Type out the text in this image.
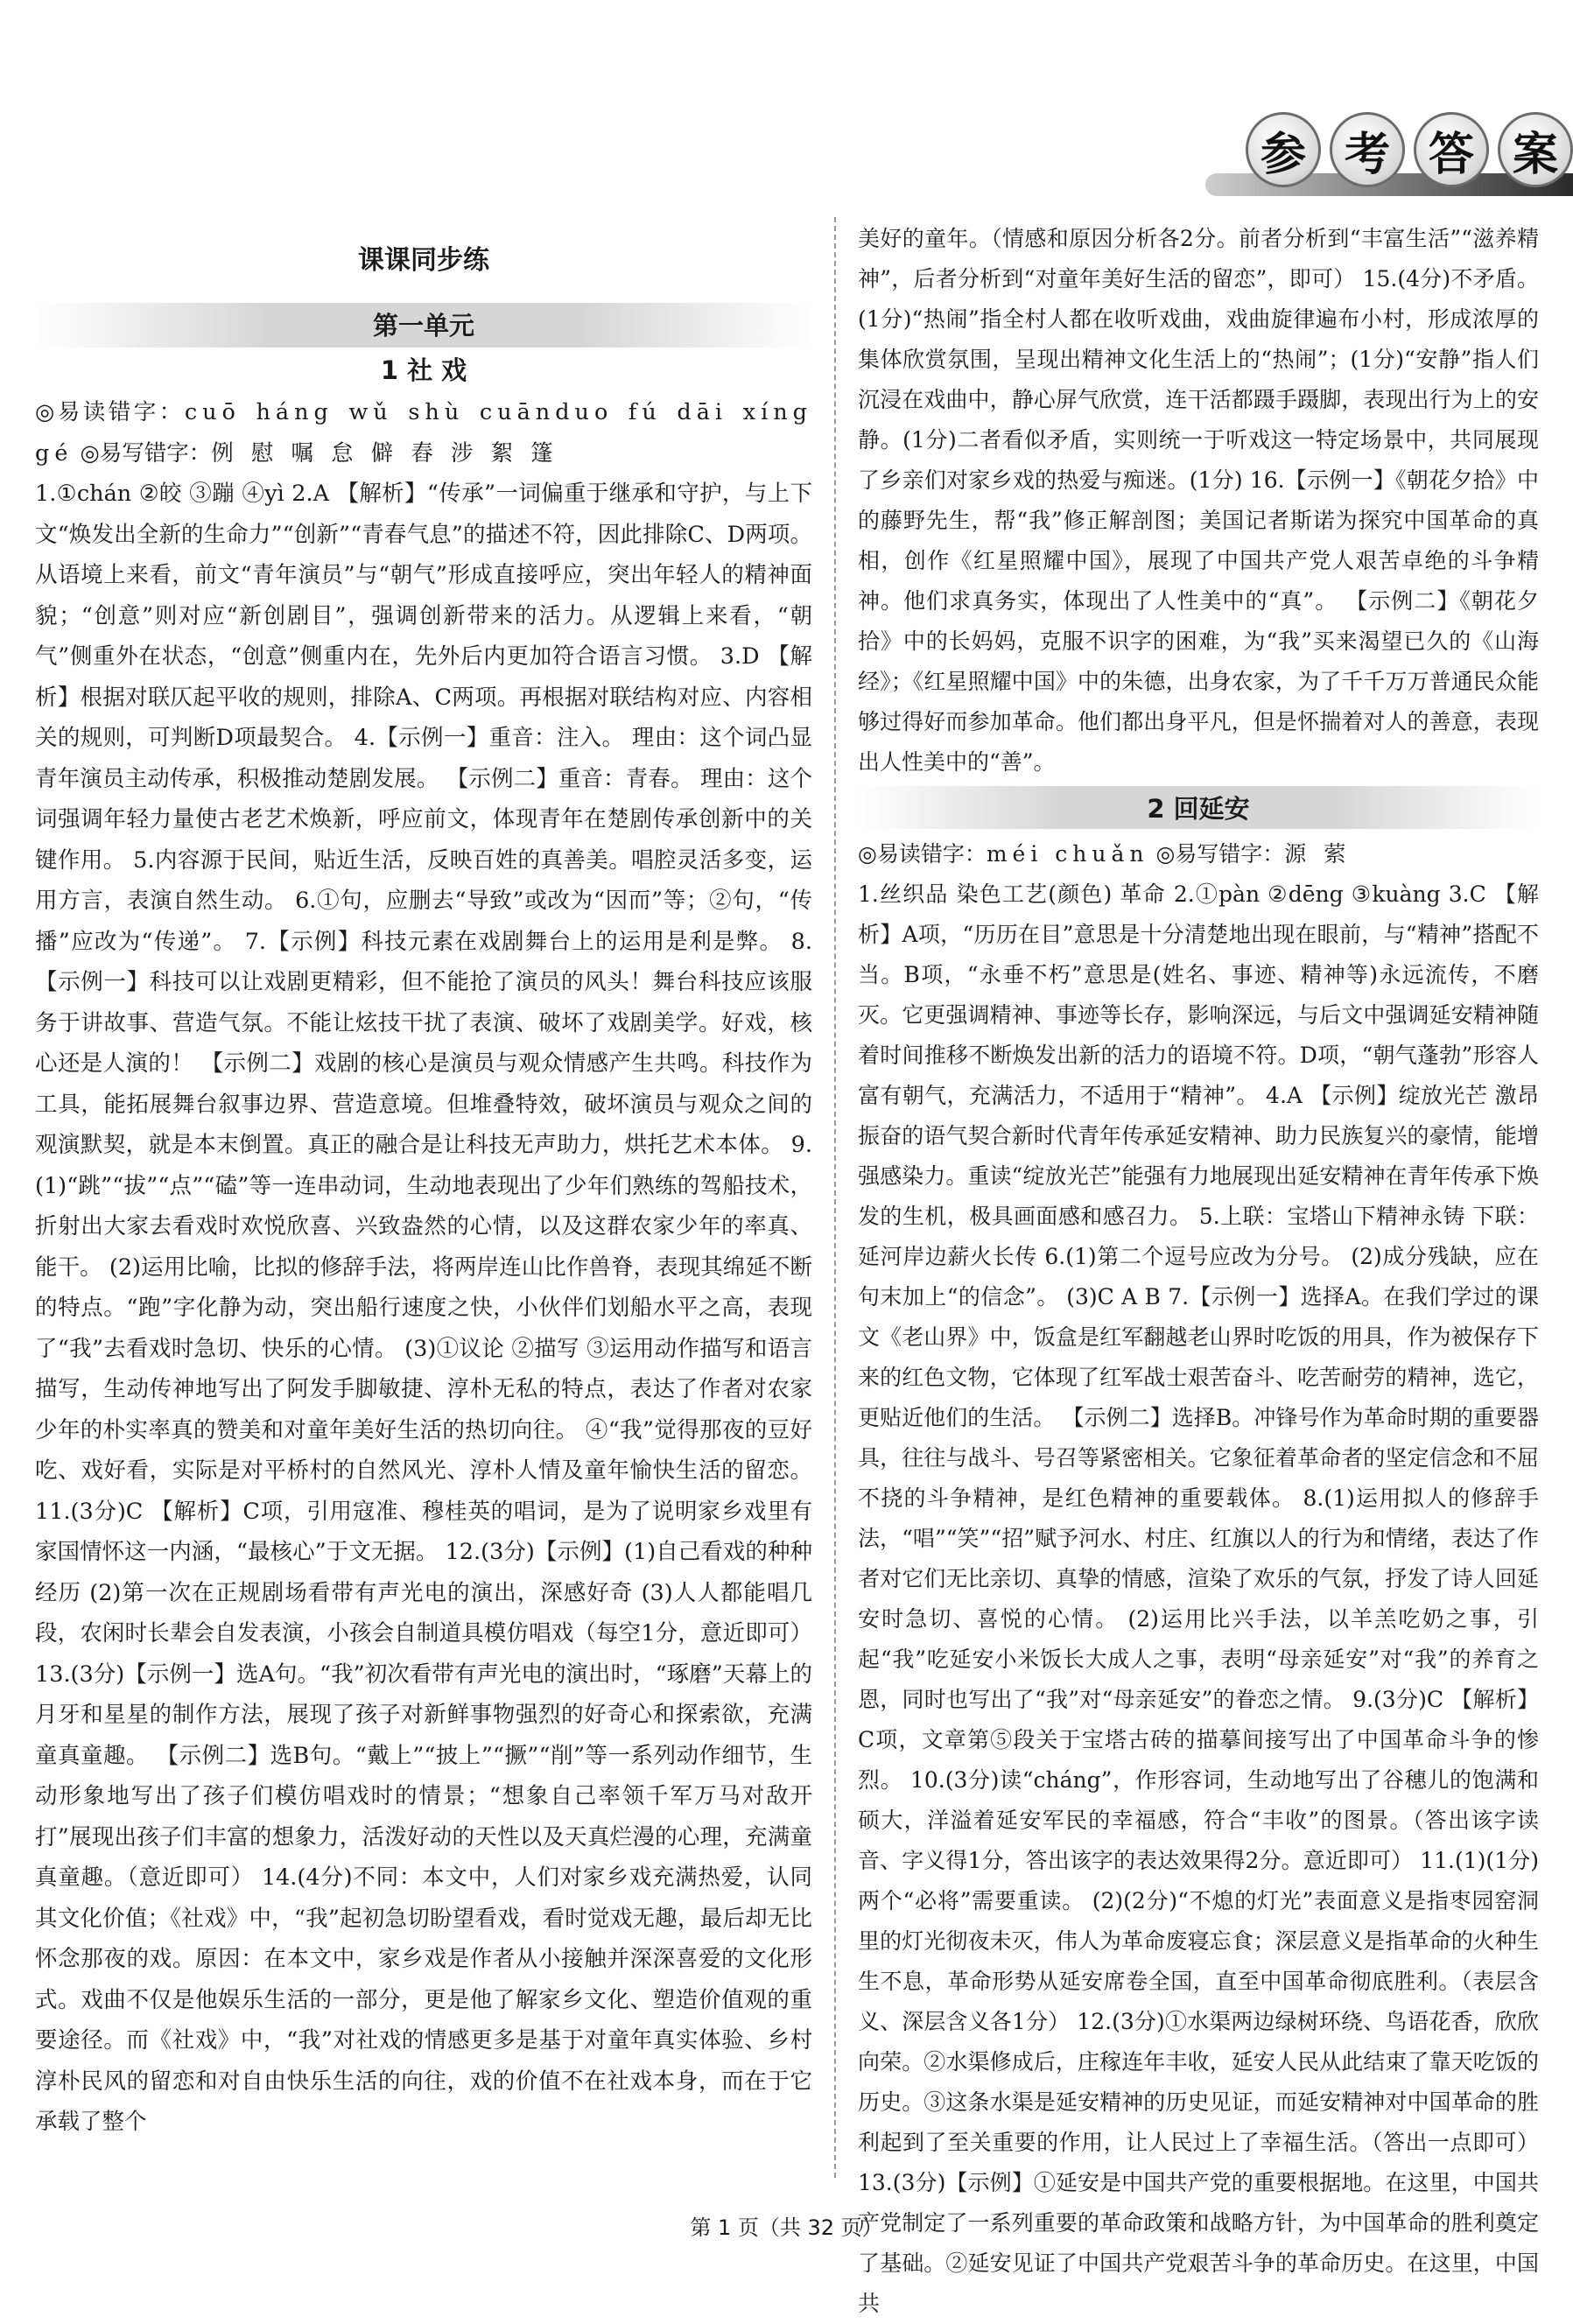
参 考 答 案
课课同步练
第一单元
1 社 戏

◎易读错字：cuō háng wǔ shù cuānduo fú dāi xíng gé ◎易写错字：例 慰 嘱 怠 僻 舂 涉 絮 篷

1.①chán ②皎 ③蹦 ④yì 2.A 【解析】“传承”一词偏重于继承和守护，与上下文“焕发出全新的生命力”“创新”“青春气息”的描述不符，因此排除C、D两项。从语境上来看，前文“青年演员”与“朝气”形成直接呼应，突出年轻人的精神面貌；“创意”则对应“新创剧目”，强调创新带来的活力。从逻辑上来看，“朝气”侧重外在状态，“创意”侧重内在，先外后内更加符合语言习惯。 3.D 【解析】根据对联仄起平收的规则，排除A、C两项。再根据对联结构对应、内容相关的规则，可判断D项最契合。 4.【示例一】重音：注入。 理由：这个词凸显青年演员主动传承，积极推动楚剧发展。 【示例二】重音：青春。 理由：这个词强调年轻力量使古老艺术焕新，呼应前文，体现青年在楚剧传承创新中的关键作用。 5.内容源于民间，贴近生活，反映百姓的真善美。唱腔灵活多变，运用方言，表演自然生动。 6.①句，应删去“导致”或改为“因而”等；②句，“传播”应改为“传递”。 7.【示例】科技元素在戏剧舞台上的运用是利是弊。 8.【示例一】科技可以让戏剧更精彩，但不能抢了演员的风头！舞台科技应该服务于讲故事、营造气氛。不能让炫技干扰了表演、破坏了戏剧美学。好戏，核心还是人演的！ 【示例二】戏剧的核心是演员与观众情感产生共鸣。科技作为工具，能拓展舞台叙事边界、营造意境。但堆叠特效，破坏演员与观众之间的观演默契，就是本末倒置。真正的融合是让科技无声助力，烘托艺术本体。 9.(1)“跳”“拔”“点”“磕”等一连串动词，生动地表现出了少年们熟练的驾船技术，折射出大家去看戏时欢悦欣喜、兴致盎然的心情，以及这群农家少年的率真、能干。 (2)运用比喻，比拟的修辞手法，将两岸连山比作兽脊，表现其绵延不断的特点。“跑”字化静为动，突出船行速度之快，小伙伴们划船水平之高，表现了“我”去看戏时急切、快乐的心情。 (3)①议论 ②描写 ③运用动作描写和语言描写，生动传神地写出了阿发手脚敏捷、淳朴无私的特点，表达了作者对农家少年的朴实率真的赞美和对童年美好生活的热切向往。 ④“我”觉得那夜的豆好吃、戏好看，实际是对平桥村的自然风光、淳朴人情及童年愉快生活的留恋。 11.(3分)C 【解析】C项，引用寇准、穆桂英的唱词，是为了说明家乡戏里有家国情怀这一内涵，“最核心”于文无据。 12.(3分)【示例】(1)自己看戏的种种经历 (2)第一次在正规剧场看带有声光电的演出，深感好奇 (3)人人都能唱几段，农闲时长辈会自发表演，小孩会自制道具模仿唱戏（每空1分，意近即可） 13.(3分)【示例一】选A句。“我”初次看带有声光电的演出时，“琢磨”天幕上的月牙和星星的制作方法，展现了孩子对新鲜事物强烈的好奇心和探索欲，充满童真童趣。 【示例二】选B句。“戴上”“披上”“撅”“削”等一系列动作细节，生动形象地写出了孩子们模仿唱戏时的情景；“想象自己率领千军万马对敌开打”展现出孩子们丰富的想象力，活泼好动的天性以及天真烂漫的心理，充满童真童趣。（意近即可） 14.(4分)不同：本文中，人们对家乡戏充满热爱，认同其文化价值；《社戏》中，“我”起初急切盼望看戏，看时觉戏无趣，最后却无比怀念那夜的戏。原因：在本文中，家乡戏是作者从小接触并深深喜爱的文化形式。戏曲不仅是他娱乐生活的一部分，更是他了解家乡文化、塑造价值观的重要途径。而《社戏》中，“我”对社戏的情感更多是基于对童年真实体验、乡村淳朴民风的留恋和对自由快乐生活的向往，戏的价值不在社戏本身，而在于它承载了整个

美好的童年。（情感和原因分析各2分。前者分析到“丰富生活”“滋养精神”，后者分析到“对童年美好生活的留恋”，即可） 15.(4分)不矛盾。(1分)“热闹”指全村人都在收听戏曲，戏曲旋律遍布小村，形成浓厚的集体欣赏氛围，呈现出精神文化生活上的“热闹”；(1分)“安静”指人们沉浸在戏曲中，静心屏气欣赏，连干活都蹑手蹑脚，表现出行为上的安静。(1分)二者看似矛盾，实则统一于听戏这一特定场景中，共同展现了乡亲们对家乡戏的热爱与痴迷。(1分) 16.【示例一】《朝花夕拾》中的藤野先生，帮“我”修正解剖图；美国记者斯诺为探究中国革命的真相，创作《红星照耀中国》，展现了中国共产党人艰苦卓绝的斗争精神。他们求真务实，体现出了人性美中的“真”。 【示例二】《朝花夕拾》中的长妈妈，克服不识字的困难，为“我”买来渴望已久的《山海经》；《红星照耀中国》中的朱德，出身农家，为了千千万万普通民众能够过得好而参加革命。他们都出身平凡，但是怀揣着对人的善意，表现出人性美中的“善”。

2 回延安

◎易读错字：méi chuǎn ◎易写错字：源 萦

1.丝织品 染色工艺(颜色) 革命 2.①pàn ②dēng ③kuàng 3.C 【解析】A项，“历历在目”意思是十分清楚地出现在眼前，与“精神”搭配不当。B项，“永垂不朽”意思是(姓名、事迹、精神等)永远流传，不磨灭。它更强调精神、事迹等长存，影响深远，与后文中强调延安精神随着时间推移不断焕发出新的活力的语境不符。D项，“朝气蓬勃”形容人富有朝气，充满活力，不适用于“精神”。 4.A 【示例】绽放光芒 激昂振奋的语气契合新时代青年传承延安精神、助力民族复兴的豪情，能增强感染力。重读“绽放光芒”能强有力地展现出延安精神在青年传承下焕发的生机，极具画面感和感召力。 5.上联：宝塔山下精神永铸 下联：延河岸边薪火长传 6.(1)第二个逗号应改为分号。 (2)成分残缺，应在句末加上“的信念”。 (3)C A B 7.【示例一】选择A。在我们学过的课文《老山界》中，饭盒是红军翻越老山界时吃饭的用具，作为被保存下来的红色文物，它体现了红军战士艰苦奋斗、吃苦耐劳的精神，选它，更贴近他们的生活。 【示例二】选择B。冲锋号作为革命时期的重要器具，往往与战斗、号召等紧密相关。它象征着革命者的坚定信念和不屈不挠的斗争精神，是红色精神的重要载体。 8.(1)运用拟人的修辞手法，“唱”“笑”“招”赋予河水、村庄、红旗以人的行为和情绪，表达了作者对它们无比亲切、真挚的情感，渲染了欢乐的气氛，抒发了诗人回延安时急切、喜悦的心情。 (2)运用比兴手法，以羊羔吃奶之事，引起“我”吃延安小米饭长大成人之事，表明“母亲延安”对“我”的养育之恩，同时也写出了“我”对“母亲延安”的眷恋之情。 9.(3分)C 【解析】C项，文章第⑤段关于宝塔古砖的描摹间接写出了中国革命斗争的惨烈。 10.(3分)读“cháng”，作形容词，生动地写出了谷穗儿的饱满和硕大，洋溢着延安军民的幸福感，符合“丰收”的图景。（答出该字读音、字义得1分，答出该字的表达效果得2分。意近即可） 11.(1)(1分)两个“必将”需要重读。 (2)(2分)“不熄的灯光”表面意义是指枣园窑洞里的灯光彻夜未灭，伟人为革命废寝忘食；深层意义是指革命的火种生生不息，革命形势从延安席卷全国，直至中国革命彻底胜利。（表层含义、深层含义各1分） 12.(3分)①水渠两边绿树环绕、鸟语花香，欣欣向荣。②水渠修成后，庄稼连年丰收，延安人民从此结束了靠天吃饭的历史。③这条水渠是延安精神的历史见证，而延安精神对中国革命的胜利起到了至关重要的作用，让人民过上了幸福生活。（答出一点即可） 13.(3分)【示例】①延安是中国共产党的重要根据地。在这里，中国共产党制定了一系列重要的革命政策和战略方针，为中国革命的胜利奠定了基础。②延安见证了中国共产党艰苦斗争的革命历史。在这里，中国共

第 1 页（共 32 页）
